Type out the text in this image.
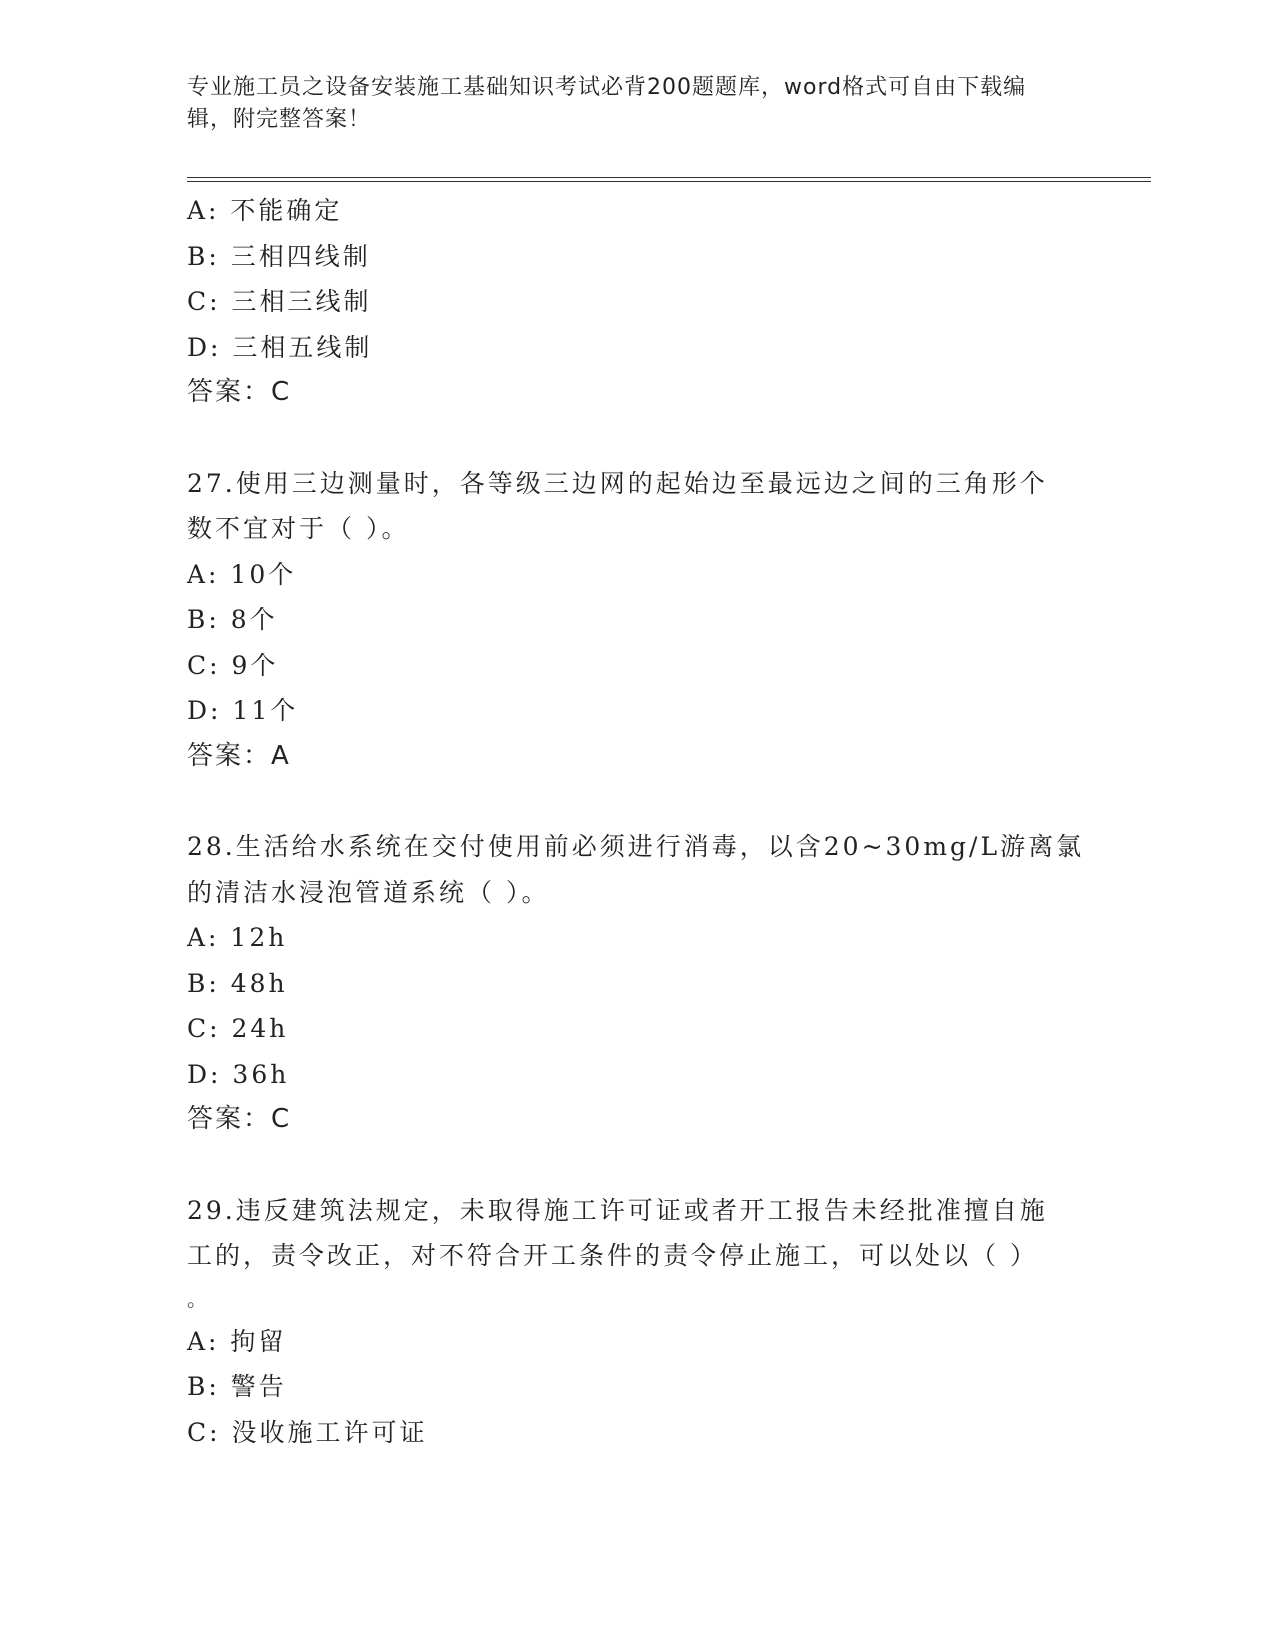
专业施工员之设备安装施工基础知识考试必背200题题库，word格式可自由下载编辑，附完整答案！
A: 不能确定
B: 三相四线制
C: 三相三线制
D: 三相五线制
答案：C
27.使用三边测量时，各等级三边网的起始边至最远边之间的三角形个
数不宜对于（ ）。
A: 10个
B: 8个
C: 9个
D: 11个
答案：A
28.生活给水系统在交付使用前必须进行消毒，以含20~30mg/L游离氯
的清洁水浸泡管道系统（ ）。
A: 12h
B: 48h
C: 24h
D: 36h
答案：C
29.违反建筑法规定，未取得施工许可证或者开工报告未经批准擅自施
工的，责令改正，对不符合开工条件的责令停止施工，可以处以（ ）
。
A: 拘留
B: 警告
C: 没收施工许可证
